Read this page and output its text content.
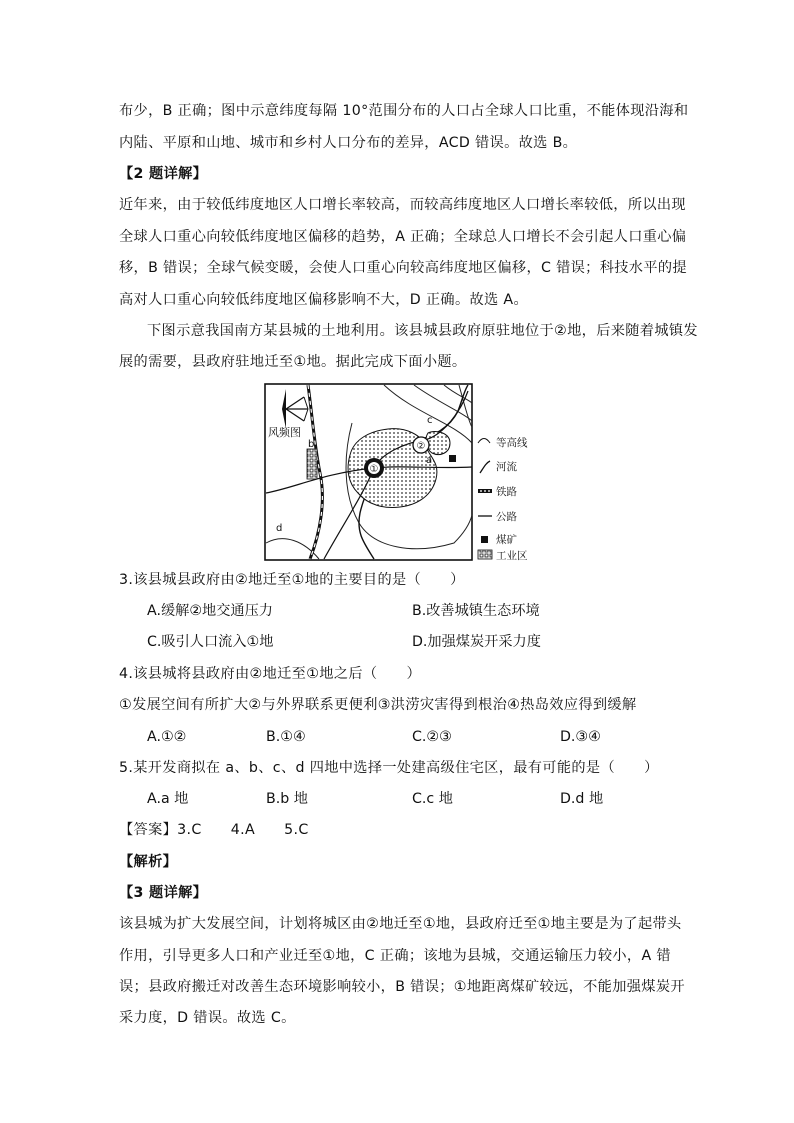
布少，B 正确；图中示意纬度每隔 10°范围分布的人口占全球人口比重，不能体现沿海和
内陆、平原和山地、城市和乡村人口分布的差异，ACD 错误。故选 B。
【2 题详解】
近年来，由于较低纬度地区人口增长率较高，而较高纬度地区人口增长率较低，所以出现
全球人口重心向较低纬度地区偏移的趋势，A 正确；全球总人口增长不会引起人口重心偏
移，B 错误；全球气候变暖，会使人口重心向较高纬度地区偏移，C 错误；科技水平的提
高对人口重心向较低纬度地区偏移影响不大，D 正确。故选 A。
下图示意我国南方某县城的土地利用。该县城县政府原驻地位于②地，后来随着城镇发
展的需要，县政府驻地迁至①地。据此完成下面小题。
风频图
b
①
②
a
c
d
等高线
河流
铁路
公路
煤矿
工业区
3.该县城县政府由②地迁至①地的主要目的是（　　）
A.缓解②地交通压力	B.改善城镇生态环境
C.吸引人口流入①地	D.加强煤炭开采力度
4.该县城将县政府由②地迁至①地之后（　　）
①发展空间有所扩大②与外界联系更便利③洪涝灾害得到根治④热岛效应得到缓解
A.①②	B.①④	C.②③	D.③④
5.某开发商拟在 a、b、c、d 四地中选择一处建高级住宅区，最有可能的是（　　）
A.a 地	B.b 地	C.c 地	D.d 地
【答案】3.C　　4.A　　5.C
【解析】
【3 题详解】
该县城为扩大发展空间，计划将城区由②地迁至①地，县政府迁至①地主要是为了起带头
作用，引导更多人口和产业迁至①地，C 正确；该地为县城，交通运输压力较小，A 错
误；县政府搬迁对改善生态环境影响较小，B 错误；①地距离煤矿较远，不能加强煤炭开
采力度，D 错误。故选 C。
